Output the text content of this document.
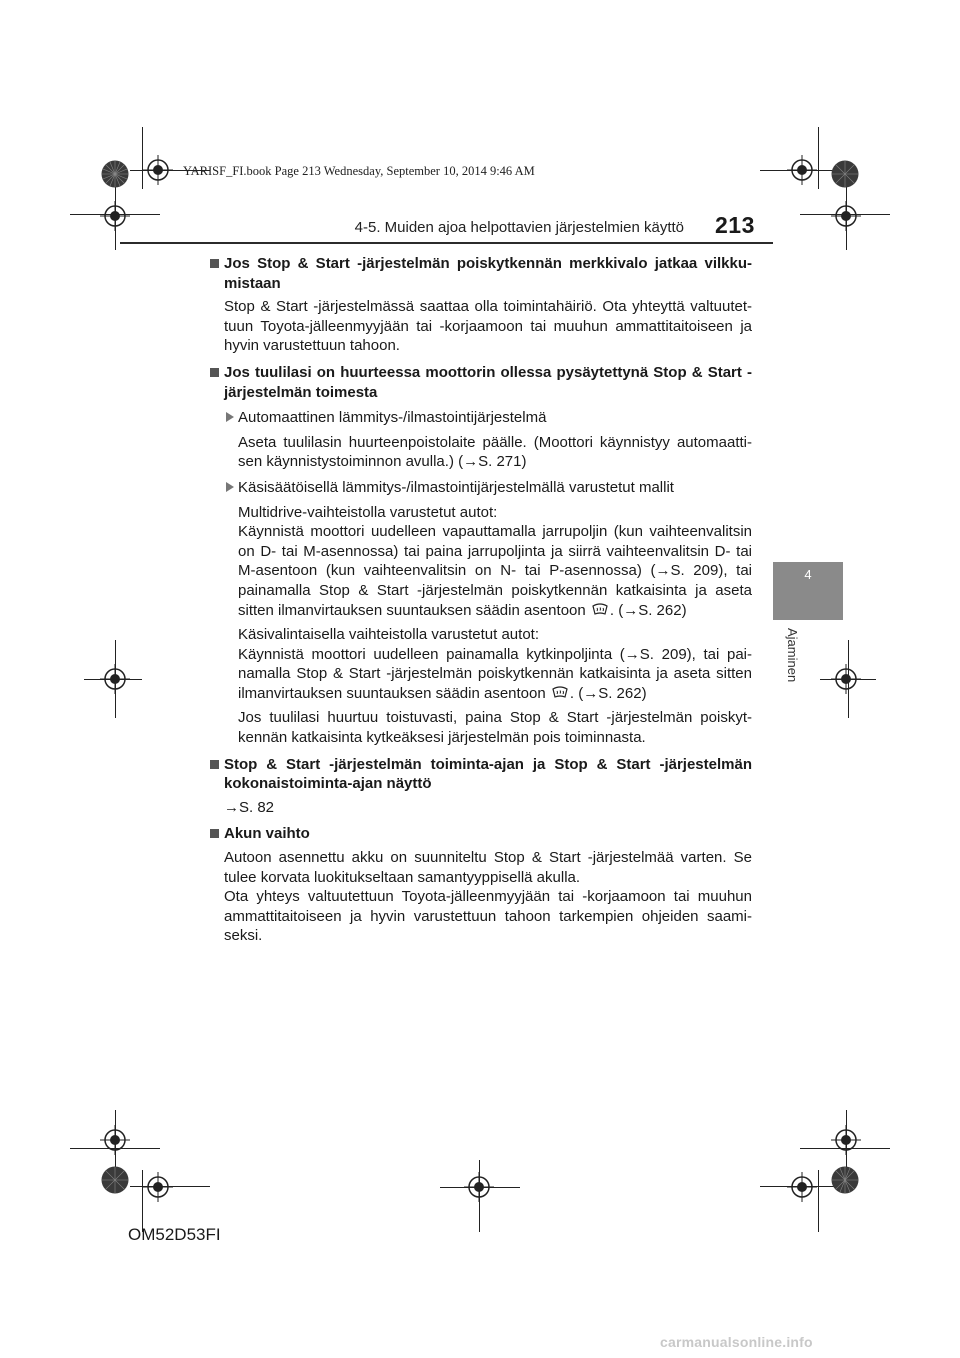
YARISF_FI.book Page 213 Wednesday, September 10, 2014 9:46 AM
4-5. Muiden ajoa helpottavien järjestelmien käyttö 213
4
Ajaminen
Jos Stop & Start -järjestelmän poiskytkennän merkkivalo jatkaa vilkkumistaan
Stop & Start -järjestelmässä saattaa olla toimintahäiriö. Ota yhteyttä valtuutettuun Toyota-jälleenmyyjään tai -korjaamoon tai muuhun ammattitaitoiseen ja hyvin varustettuun tahoon.
Jos tuulilasi on huurteessa moottorin ollessa pysäytettynä Stop & Start -järjestelmän toimesta
Automaattinen lämmitys-/ilmastointijärjestelmä
Aseta tuulilasin huurteenpoistolaite päälle. (Moottori käynnistyy automaattisen käynnistystoiminnon avulla.) (→S. 271)
Käsisäätöisellä lämmitys-/ilmastointijärjestelmällä varustetut mallit
Multidrive-vaihteistolla varustetut autot:
Käynnistä moottori uudelleen vapauttamalla jarrupoljin (kun vaihteenvalitsin on D- tai M-asennossa) tai paina jarrupoljinta ja siirrä vaihteenvalitsin D- tai M-asentoon (kun vaihteenvalitsin on N- tai P-asennossa) (→S. 209), tai painamalla Stop & Start -järjestelmän poiskytkennän katkaisinta ja aseta sitten ilmanvirtauksen suuntauksen säädin asentoon . (→S. 262)
Käsivalintaisella vaihteistolla varustetut autot:
Käynnistä moottori uudelleen painamalla kytkinpoljinta (→S. 209), tai painamalla Stop & Start -järjestelmän poiskytkennän katkaisinta ja aseta sitten ilmanvirtauksen suuntauksen säädin asentoon . (→S. 262)
Jos tuulilasi huurtuu toistuvasti, paina Stop & Start -järjestelmän poiskytkennän katkaisinta kytkeäksesi järjestelmän pois toiminnasta.
Stop & Start -järjestelmän toiminta-ajan ja Stop & Start -järjestelmän kokonaistoiminta-ajan näyttö
→S. 82
Akun vaihto
Autoon asennettu akku on suunniteltu Stop & Start -järjestelmää varten. Se tulee korvata luokitukseltaan samantyyppisellä akulla.
Ota yhteys valtuutettuun Toyota-jälleenmyyjään tai -korjaamoon tai muuhun ammattitaitoiseen ja hyvin varustettuun tahoon tarkempien ohjeiden saamiseksi.
OM52D53FI
carmanualsonline.info
